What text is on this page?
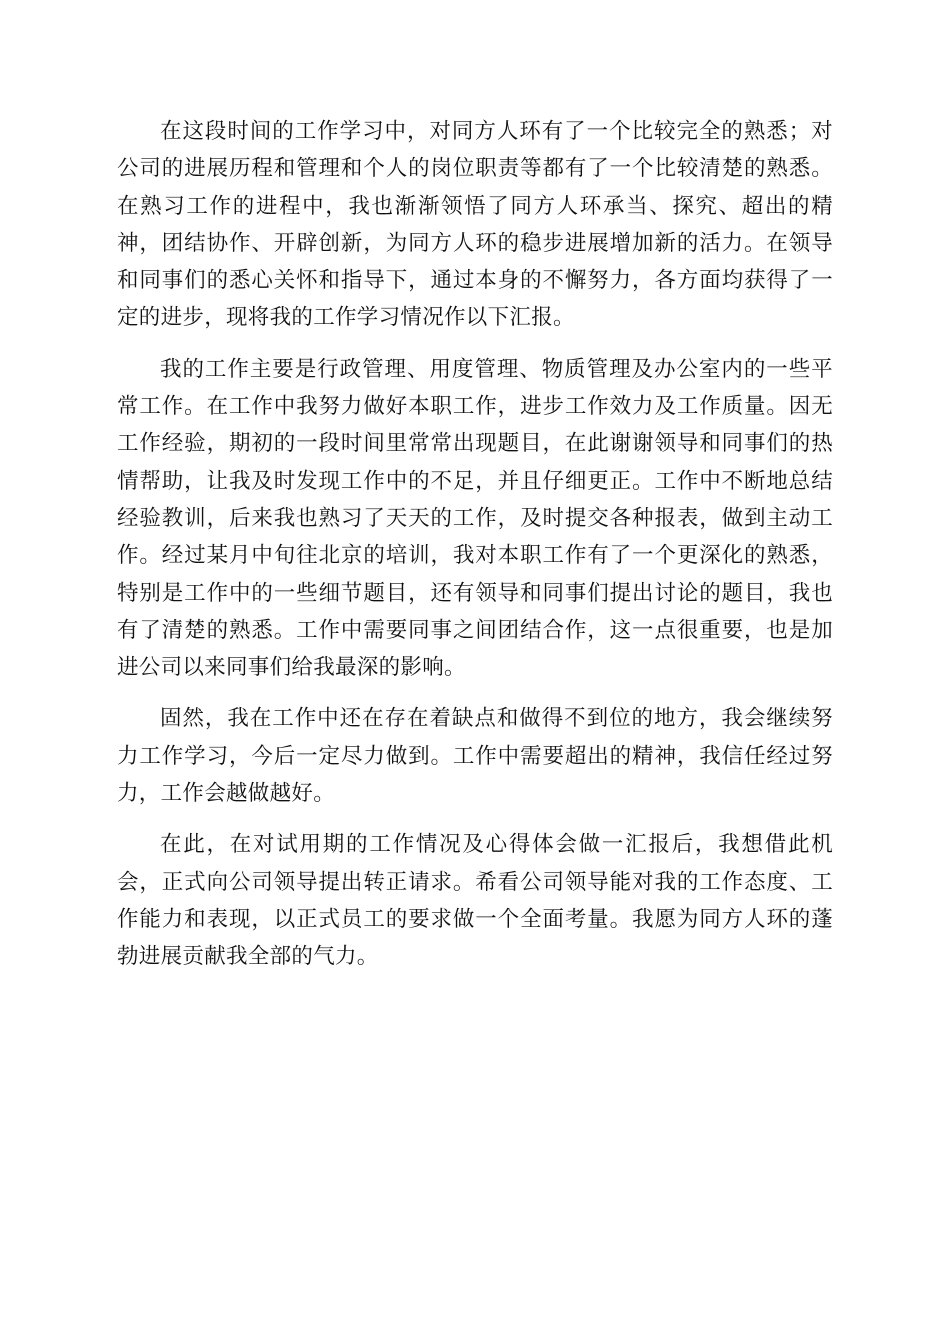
在这段时间的工作学习中，对同方人环有了一个比较完全的熟悉；对公司的进展历程和管理和个人的岗位职责等都有了一个比较清楚的熟悉。在熟习工作的进程中，我也渐渐领悟了同方人环承当、探究、超出的精神，团结协作、开辟创新，为同方人环的稳步进展增加新的活力。在领导和同事们的悉心关怀和指导下，通过本身的不懈努力，各方面均获得了一定的进步，现将我的工作学习情况作以下汇报。

我的工作主要是行政管理、用度管理、物质管理及办公室内的一些平常工作。在工作中我努力做好本职工作，进步工作效力及工作质量。因无工作经验，期初的一段时间里常常出现题目，在此谢谢领导和同事们的热情帮助，让我及时发现工作中的不足，并且仔细更正。工作中不断地总结经验教训，后来我也熟习了天天的工作，及时提交各种报表，做到主动工作。经过某月中旬往北京的培训，我对本职工作有了一个更深化的熟悉，特别是工作中的一些细节题目，还有领导和同事们提出讨论的题目，我也有了清楚的熟悉。工作中需要同事之间团结合作，这一点很重要，也是加进公司以来同事们给我最深的影响。

固然，我在工作中还在存在着缺点和做得不到位的地方，我会继续努力工作学习，今后一定尽力做到。工作中需要超出的精神，我信任经过努力，工作会越做越好。

在此，在对试用期的工作情况及心得体会做一汇报后，我想借此机会，正式向公司领导提出转正请求。希看公司领导能对我的工作态度、工作能力和表现，以正式员工的要求做一个全面考量。我愿为同方人环的蓬勃进展贡献我全部的气力。
